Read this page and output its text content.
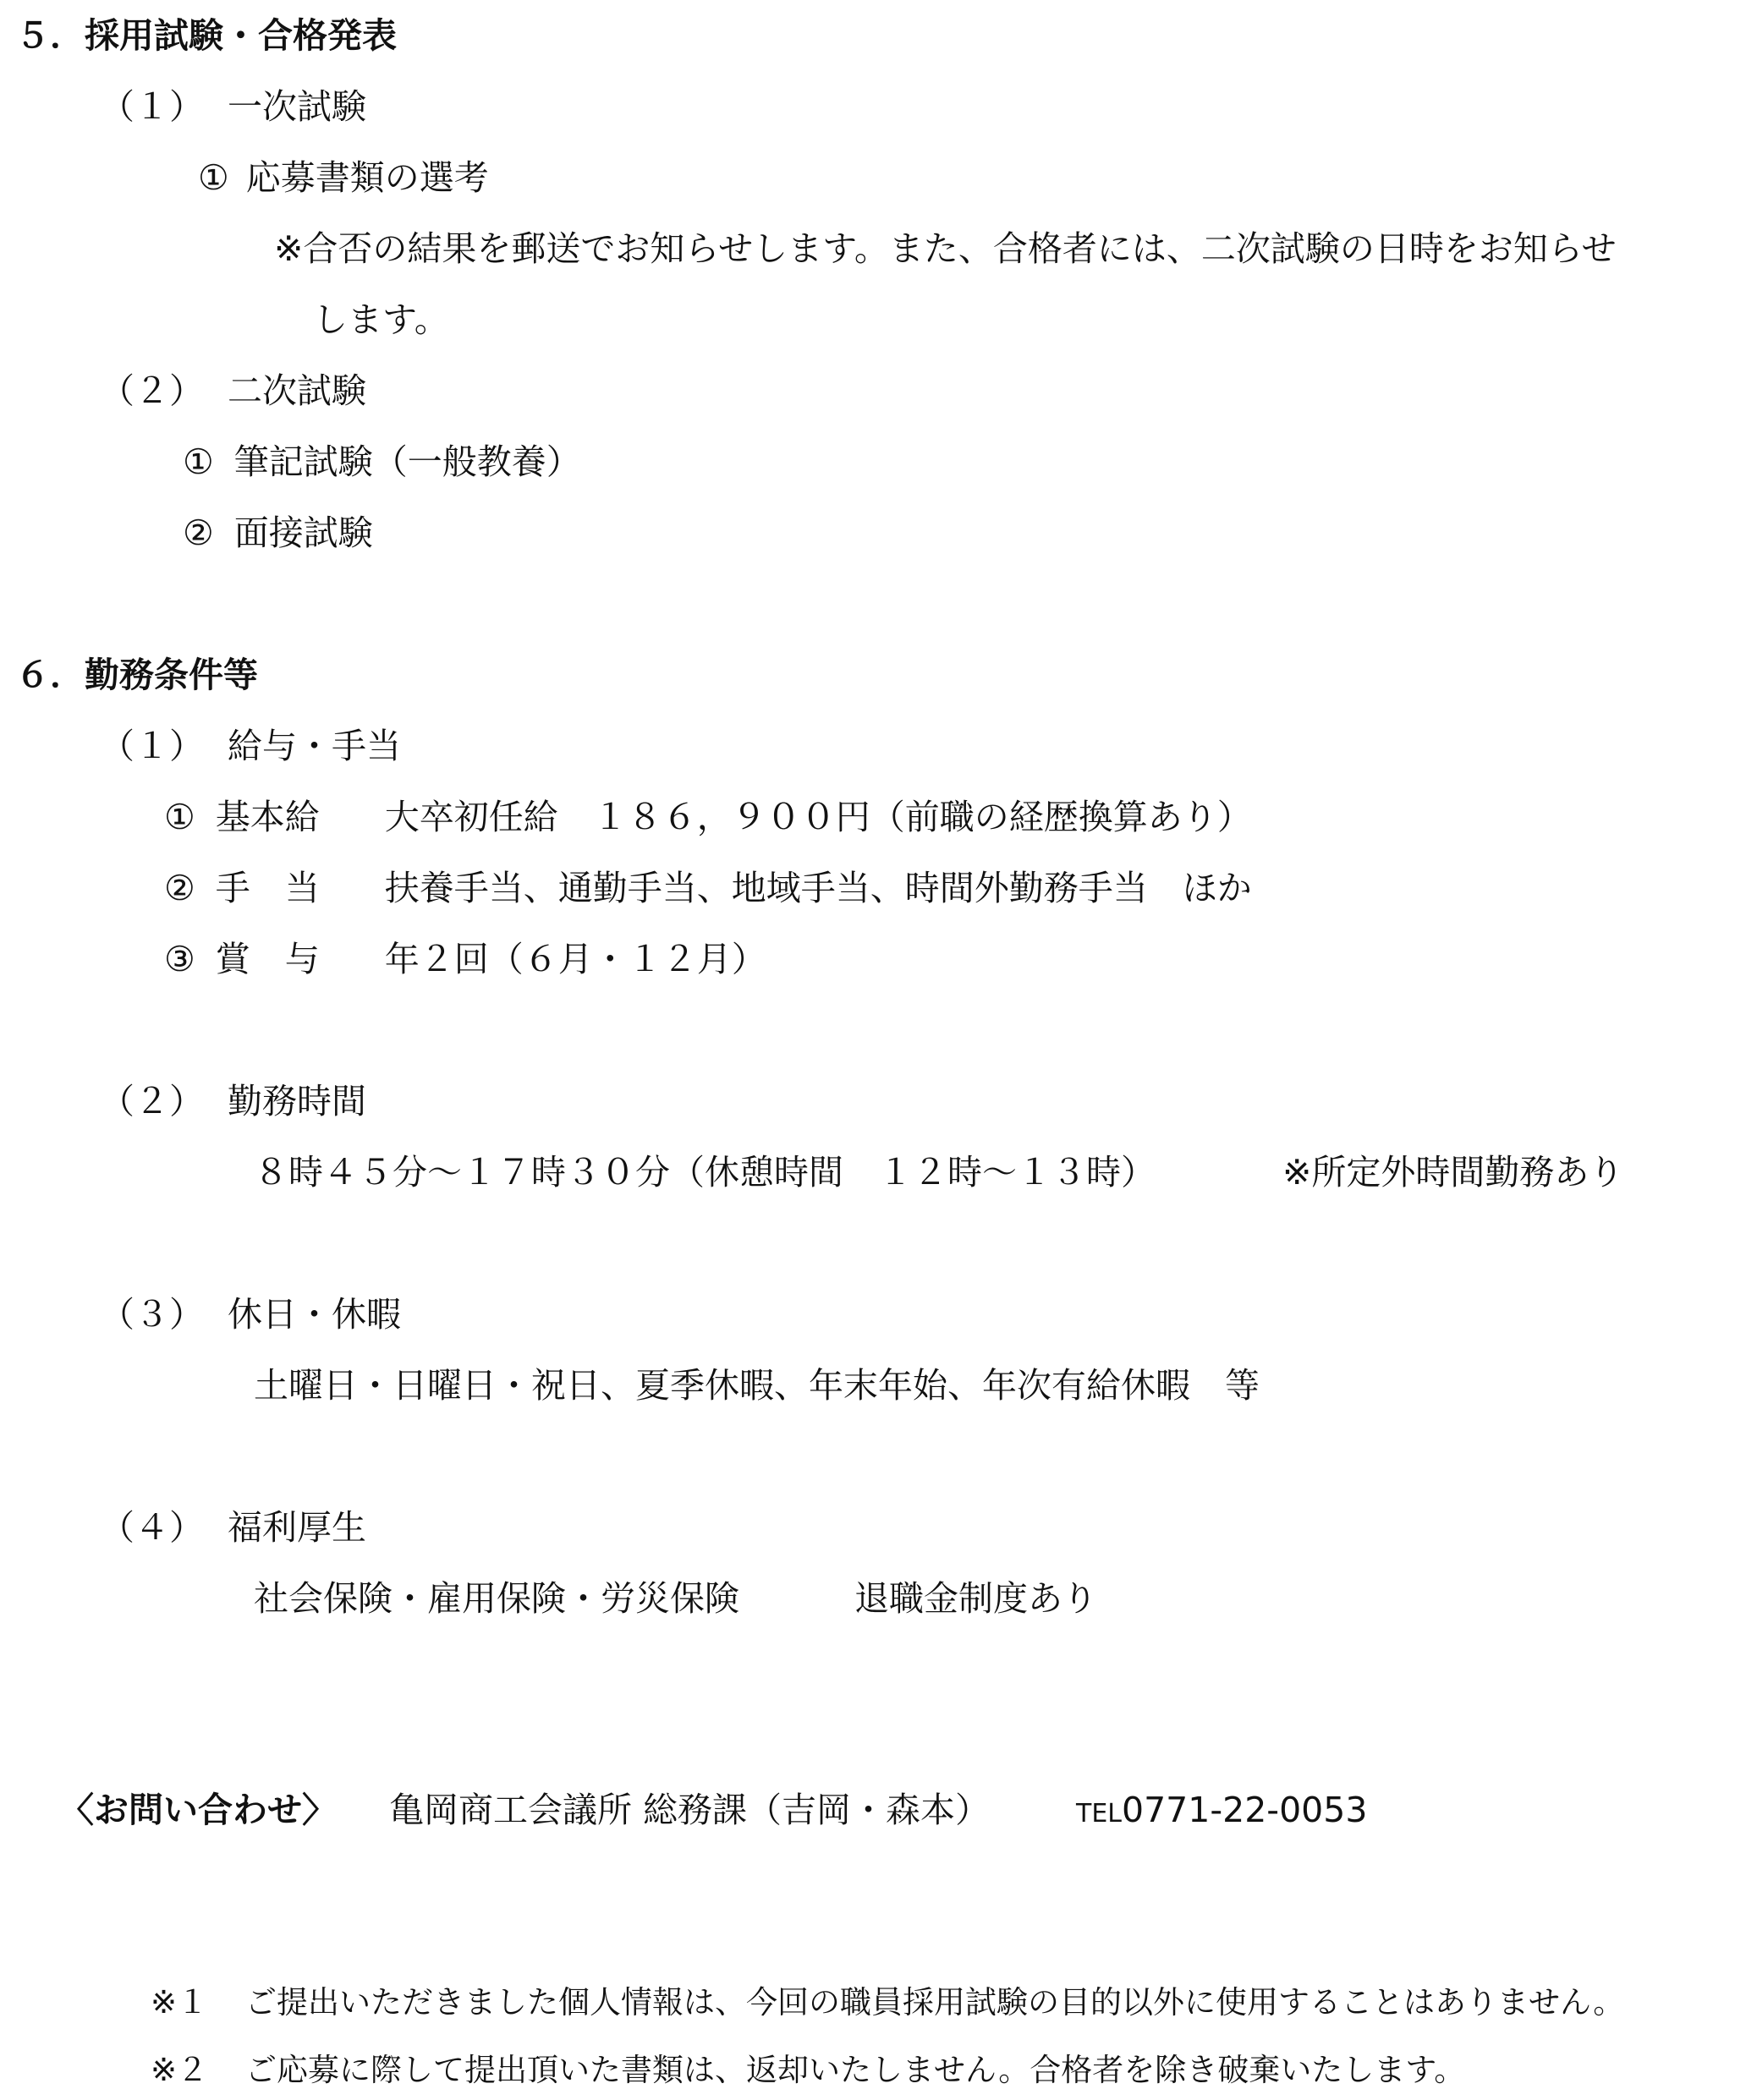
５．採用試験・合格発表
（１） 一次試験
① 応募書類の選考
※合否の結果を郵送でお知らせします。また、合格者には、二次試験の日時をお知らせ
します。
（２） 二次試験
① 筆記試験（一般教養）
② 面接試験
６．勤務条件等
（１） 給与・手当
① 基本給 大卒初任給　１８６，９００円（前職の経歴換算あり）
② 手　当 扶養手当、通勤手当、地域手当、時間外勤務手当　ほか
③ 賞　与 年２回（６月・１２月）
（２） 勤務時間
８時４５分～１７時３０分（休憩時間　１２時～１３時）	※所定外時間勤務あり
（３） 休日・休暇
土曜日・日曜日・祝日、夏季休暇、年末年始、年次有給休暇　等
（４） 福利厚生
社会保険・雇用保険・労災保険	退職金制度あり
〈お問い合わせ〉 亀岡商工会議所 総務課（吉岡・森本）	TEL0771-22-0053
※１ ご提出いただきました個人情報は、今回の職員採用試験の目的以外に使用することはありません。
※２ ご応募に際して提出頂いた書類は、返却いたしません。合格者を除き破棄いたします。
